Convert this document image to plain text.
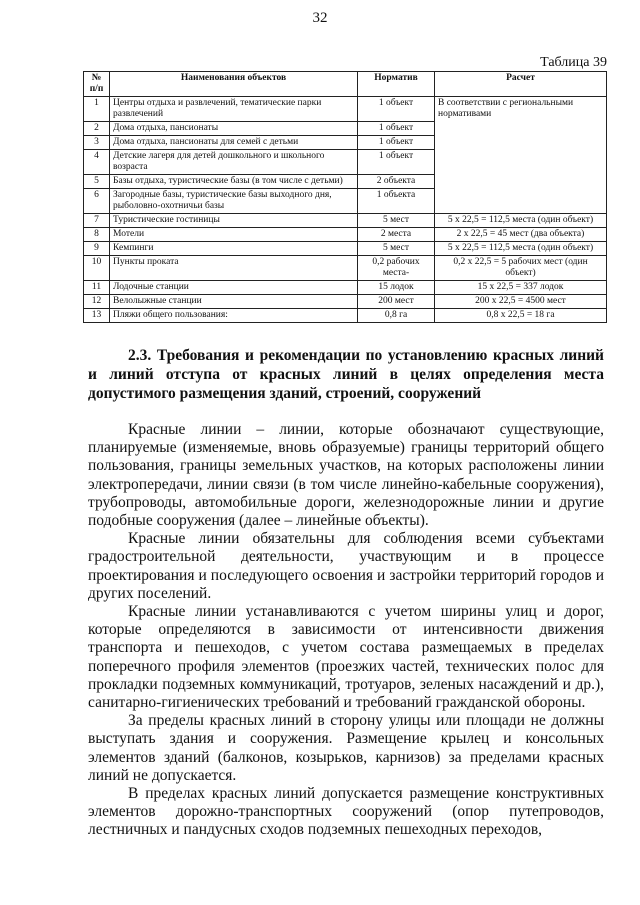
32
Таблица 39
№ п/п	Наименования объектов	Норматив	Расчет
1	Центры отдыха и развлечений, тематические парки развлечений	1 объект	В соответствии с региональными нормативами
2	Дома отдыха, пансионаты	1 объект	
3	Дома отдыха, пансионаты для семей с детьми	1 объект	
4	Детские лагеря для детей дошкольного и школьного возраста	1 объект	
5	Базы отдыха, туристические базы (в том числе с детьми)	2 объекта	
6	Загородные базы, туристические базы выходного дня, рыболовно-охотничьи базы	1 объекта	
7	Туристические гостиницы	5 мест	5 х 22,5 = 112,5 места (один объект)
8	Мотели	2 места	2 х 22,5 = 45 мест (два объекта)
9	Кемпинги	5 мест	5 х 22,5 = 112,5 места (один объект)
10	Пункты проката	0,2 рабочих места-	0,2 х 22,5 = 5 рабочих мест (один объект)
11	Лодочные станции	15 лодок	15 х 22,5 = 337 лодок
12	Велолыжные станции	200 мест	200 х 22,5 = 4500 мест
13	Пляжи общего пользования:	0,8 га	0,8 х 22,5 = 18 га
2.3. Требования и рекомендации по установлению красных линий и линий отступа от красных линий в целях определения места допустимого размещения зданий, строений, сооружений

Красные линии – линии, которые обозначают существующие, планируемые (изменяемые, вновь образуемые) границы территорий общего пользования, границы земельных участков, на которых расположены линии электропередачи, линии связи (в том числе линейно-кабельные сооружения), трубопроводы, автомобильные дороги, железнодорожные линии и другие подобные сооружения (далее – линейные объекты).

Красные линии обязательны для соблюдения всеми субъектами градостроительной деятельности, участвующим и в процессе проектирования и последующего освоения и застройки территорий городов и других поселений.

Красные линии устанавливаются с учетом ширины улиц и дорог, которые определяются в зависимости от интенсивности движения транспорта и пешеходов, с учетом состава размещаемых в пределах поперечного профиля элементов (проезжих частей, технических полос для прокладки подземных коммуникаций, тротуаров, зеленых насаждений и др.), санитарно-гигиенических требований и требований гражданской обороны.

За пределы красных линий в сторону улицы или площади не должны выступать здания и сооружения. Размещение крылец и консольных элементов зданий (балконов, козырьков, карнизов) за пределами красных линий не допускается.

В пределах красных линий допускается размещение конструктивных элементов дорожно-транспортных сооружений (опор путепроводов, лестничных и пандусных сходов подземных пешеходных переходов,
